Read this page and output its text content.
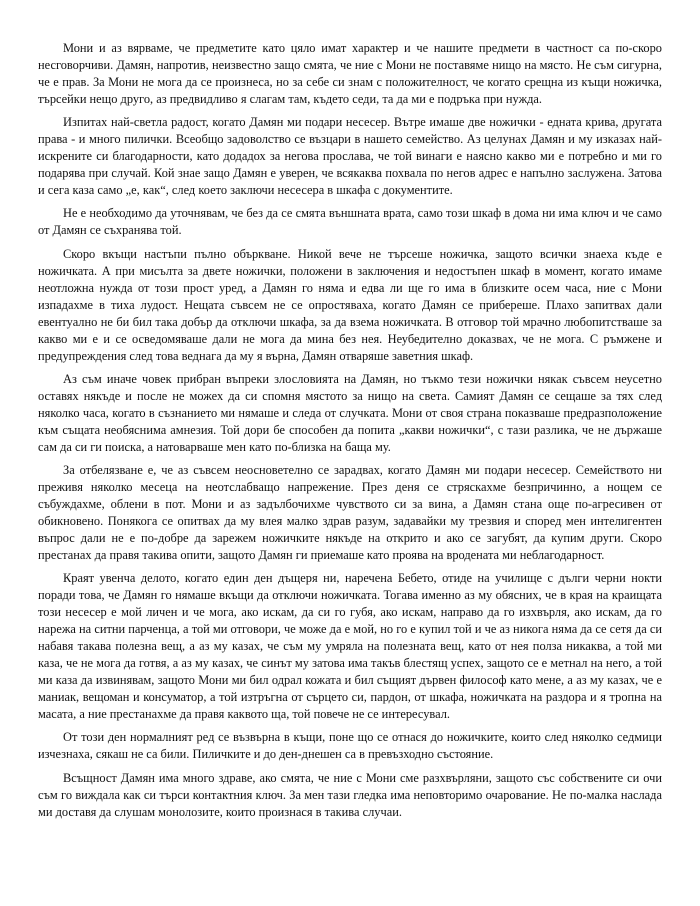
Мони и аз вярваме, че предметите като цяло имат характер и че нашите предмети в частност са по-скоро несговорчиви. Дамян, напротив, неизвестно защо смята, че ние с Мони не поставяме нищо на място. Не съм сигурна, че е прав. За Мони не мога да се произнеса, но за себе си знам с положителност, че когато срещна из къщи ножичка, търсейки нещо друго, аз предвидливо я слагам там, където седи, та да ми е подръка при нужда.

Изпитах най-светла радост, когато Дамян ми подари несесер. Вътре имаше две ножички - едната крива, другата права - и много пилички. Всеобщо задоволство се възцари в нашето семейство. Аз целунах Дамян и му изказах най-искрените си благодарности, като додадох за негова прослава, че той винаги е наясно какво ми е потребно и ми го подарява при случай. Кой знае защо Дамян е уверен, че всякаква похвала по негов адрес е напълно заслужена. Затова и сега каза само „е, как“, след което заключи несесера в шкафа с документите.

Не е необходимо да уточнявам, че без да се смята външната врата, само този шкаф в дома ни има ключ и че само от Дамян се съхранява той.

Скоро вкъщи настъпи пълно объркване. Никой вече не търсеше ножичка, защото всички знаеха къде е ножичката. А при мисълта за двете ножички, положени в заключения и недостъпен шкаф в момент, когато имаме неотложна нужда от този прост уред, а Дамян го няма и едва ли ще го има в близките осем часа, ние с Мони изпадахме в тиха лудост. Нещата съвсем не се опростяваха, когато Дамян се прибереше. Плахо запитвах дали евентуално не би бил така добър да отключи шкафа, за да взема ножичката. В отговор той мрачно любопитстваше за какво ми е и се осведомяваше дали не мога да мина без нея. Неубедително доказвах, че не мога. С ръмжене и предупреждения след това веднага да му я върна, Дамян отваряше заветния шкаф.

Аз съм иначе човек прибран въпреки злословията на Дамян, но тъкмо тези ножички някак съвсем неусетно оставях някъде и после не можех да си спомня мястото за нищо на света. Самият Дамян се сещаше за тях след няколко часа, когато в съзнанието ми нямаше и следа от случката. Мони от своя страна показваше предразположение към същата необяснима амнезия. Той дори бе способен да попита „какви ножички“, с тази разлика, че не държаше сам да си ги поиска, а натоварваше мен като по-близка на баща му.

За отбелязване е, че аз съвсем неосноветелно се зарадвах, когато Дамян ми подари несесер. Семейството ни преживя няколко месеца на неотслабващо напрежение. През деня се стряскахме безпричинно, а нощем се събуждахме, облени в пот. Мони и аз задълбочихме чувството си за вина, а Дамян стана още по-агресивен от обикновено. Понякога се опитвах да му влея малко здрав разум, задавайки му трезвия и според мен интелигентен въпрос дали не е по-добре да зарежем ножичките някъде на открито и ако се загубят, да купим други. Скоро престанах да правя такива опити, защото Дамян ги приемаше като проява на вродената ми неблагодарност.

Краят увенча делото, когато един ден дъщеря ни, наречена Бебето, отиде на училище с дълги черни нокти поради това, че Дамян го нямаше вкъщи да отключи ножичката. Тогава именно аз му обясних, че в края на краищата този несесер е мой личен и че мога, ако искам, да си го губя, ако искам, направо да го изхвърля, ако искам, да го нарежа на ситни парченца, а той ми отговори, че може да е мой, но го е купил той и че аз никога няма да се сетя да си набавя такава полезна вещ, а аз му казах, че съм му умряла на полезната вещ, като от нея полза никаква, а той ми каза, че не мога да готвя, а аз му казах, че синът му затова има такъв блестящ успех, защото се е метнал на него, а той ми каза да извинявам, защото Мони ми бил одрал кожата и бил същият дървен философ като мене, а аз му казах, че е маниак, вещоман и консуматор, а той изтръгна от сърцето си, пардон, от шкафа, ножичката на раздора и я тропна на масата, а ние престанахме да правя каквото ща, той повече не се интересувал.

От този ден нормалният ред се възвърна в къщи, поне що се отнася до ножичките, които след няколко седмици изчезнаха, сякаш не са били. Пиличките и до ден-днешен са в превъзходно състояние.

Всъщност Дамян има много здраве, ако смята, че ние с Мони сме разхвърляни, защото със собствените си очи съм го виждала как си търси контактния ключ. За мен тази гледка има неповторимо очарование. Не по-малка наслада ми доставя да слушам монолозите, които произнася в такива случаи.
